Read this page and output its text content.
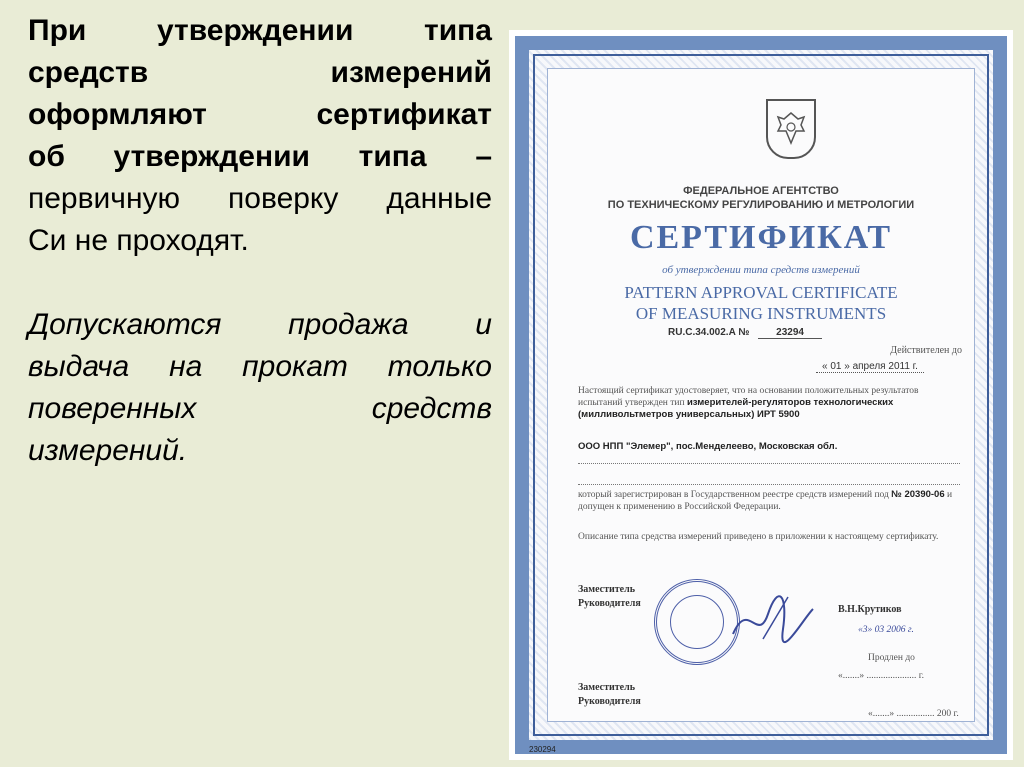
При утверждении типа

средств измерений

оформляют сертификат

об утверждении типа –

первичную поверку данные

Си не проходят.

Допускаются продажа и

выдача на прокат только

поверенных средств

измерений.

ФЕДЕРАЛЬНОЕ АГЕНТСТВО
ПО ТЕХНИЧЕСКОМУ РЕГУЛИРОВАНИЮ И МЕТРОЛОГИИ
СЕРТИФИКАТ
об утверждении типа средств измерений
PATTERN APPROVAL CERTIFICATE
OF MEASURING INSTRUMENTS
RU.C.34.002.A №	23294
Действителен до
« 01 » апреля 2011 г.
Настоящий сертификат удостоверяет, что на основании положительных результатов испытаний утвержден тип измерителей-регуляторов технологических (милливольтметров универсальных) ИРТ 5900
ООО НПП "Элемер", пос.Менделеево, Московская обл.
который зарегистрирован в Государственном реестре средств измерений под № 20390-06 и допущен к применению в Российской Федерации.
Описание типа средства измерений приведено в приложении к настоящему сертификату.
Заместитель
Руководителя
В.Н.Крутиков
«3» 03 2006 г.
Продлен до
«.......» ..................... г.
Заместитель
Руководителя
«.......» ................ 200 г.
230294
